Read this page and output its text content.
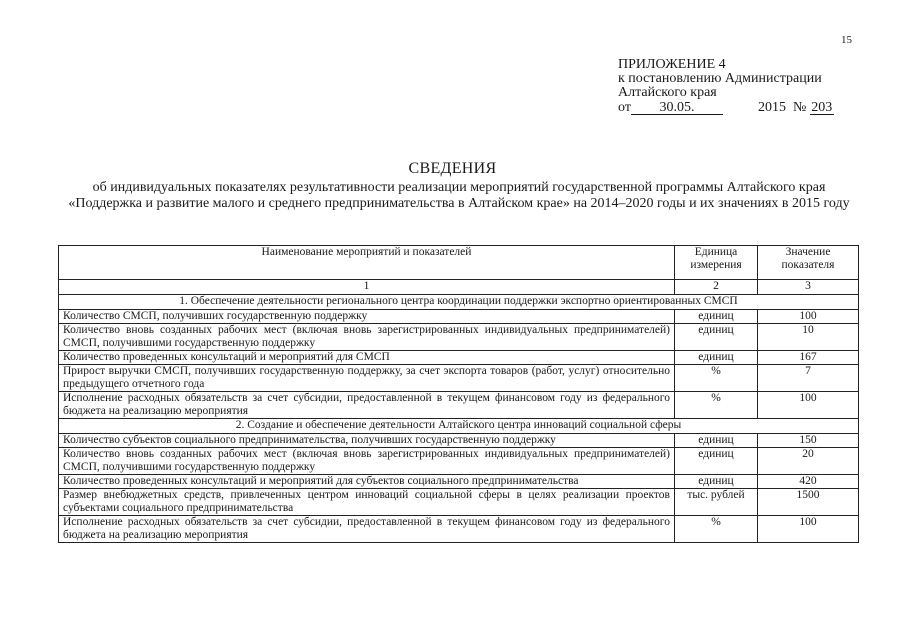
15
ПРИЛОЖЕНИЕ 4
к постановлению Администрации
Алтайского края
от 30.05.	2015 № 203
СВЕДЕНИЯ
об индивидуальных показателях результативности реализации мероприятий государственной программы Алтайского края «Поддержка и развитие малого и среднего предпринимательства в Алтайском крае» на 2014–2020 годы и их значениях в 2015 году
Наименование мероприятий и показателей	Единица измерения	Значение показателя
1	2	3
1. Обеспечение деятельности регионального центра координации поддержки экспортно ориентированных СМСП		
Количество СМСП, получивших государственную поддержку	единиц	100
Количество вновь созданных рабочих мест (включая вновь зарегистрированных индивидуальных предпринимателей) СМСП, получившими государственную поддержку	единиц	10
Количество проведенных консультаций и мероприятий для СМСП	единиц	167
Прирост выручки СМСП, получивших государственную поддержку, за счет экспорта товаров (работ, услуг) относительно предыдущего отчетного года	%	7
Исполнение расходных обязательств за счет субсидии, предоставленной в текущем финансовом году из федерального бюджета на реализацию мероприятия	%	100
2. Создание и обеспечение деятельности Алтайского центра инноваций социальной сферы		
Количество субъектов социального предпринимательства, получивших государственную поддержку	единиц	150
Количество вновь созданных рабочих мест (включая вновь зарегистрированных индивидуальных предпринимателей) СМСП, получившими государственную поддержку	единиц	20
Количество проведенных консультаций и мероприятий для субъектов социального предпринимательства	единиц	420
Размер внебюджетных средств, привлеченных центром инноваций социальной сферы в целях реализации проектов субъектами социального предпринимательства	тыс. рублей	1500
Исполнение расходных обязательств за счет субсидии, предоставленной в текущем финансовом году из федерального бюджета на реализацию мероприятия	%	100
